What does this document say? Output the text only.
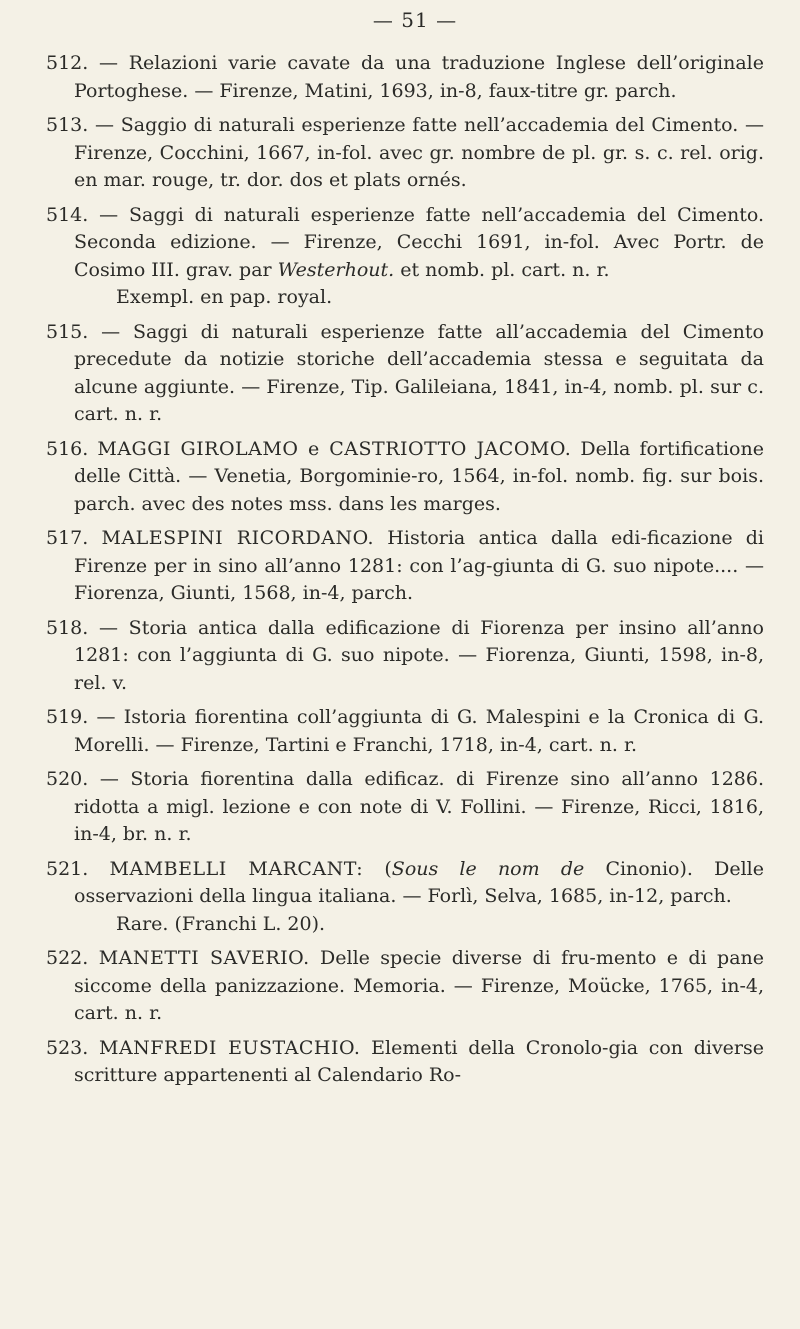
— 51 —

512. — Relazioni varie cavate da una traduzione Inglese dell’originale Portoghese. — Firenze, Matini, 1693, in-8, faux-titre gr. parch.

513. — Saggio di naturali esperienze fatte nell’accademia del Cimento. — Firenze, Cocchini, 1667, in-fol. avec gr. nombre de pl. gr. s. c. rel. orig. en mar. rouge, tr. dor. dos et plats ornés.

514. — Saggi di naturali esperienze fatte nell’accademia del Cimento. Seconda edizione. — Firenze, Cecchi 1691, in-fol. Avec Portr. de Cosimo III. grav. par Westerhout. et nomb. pl. cart. n. r.
Exempl. en pap. royal.

515. — Saggi di naturali esperienze fatte all’accademia del Cimento precedute da notizie storiche dell’accademia stessa e seguitata da alcune aggiunte. — Firenze, Tip. Galileiana, 1841, in-4, nomb. pl. sur c. cart. n. r.

516. MAGGI GIROLAMO e CASTRIOTTO JACOMO. Della fortificatione delle Città. — Venetia, Borgominie-ro, 1564, in-fol. nomb. fig. sur bois. parch. avec des notes mss. dans les marges.

517. MALESPINI RICORDANO. Historia antica dalla edi-ficazione di Firenze per in sino all’anno 1281: con l’ag-giunta di G. suo nipote.... — Fiorenza, Giunti, 1568, in-4, parch.

518. — Storia antica dalla edificazione di Fiorenza per insino all’anno 1281: con l’aggiunta di G. suo nipote. — Fiorenza, Giunti, 1598, in-8, rel. v.

519. — Istoria fiorentina coll’aggiunta di G. Malespini e la Cronica di G. Morelli. — Firenze, Tartini e Franchi, 1718, in-4, cart. n. r.

520. — Storia fiorentina dalla edificaz. di Firenze sino all’anno 1286. ridotta a migl. lezione e con note di V. Follini. — Firenze, Ricci, 1816, in-4, br. n. r.

521. MAMBELLI MARCANT: (Sous le nom de Cinonio). Delle osservazioni della lingua italiana. — Forlì, Selva, 1685, in-12, parch.
Rare. (Franchi L. 20).

522. MANETTI SAVERIO. Delle specie diverse di fru-mento e di pane siccome della panizzazione. Memoria. — Firenze, Moücke, 1765, in-4, cart. n. r.

523. MANFREDI EUSTACHIO. Elementi della Cronolo-gia con diverse scritture appartenenti al Calendario Ro-
